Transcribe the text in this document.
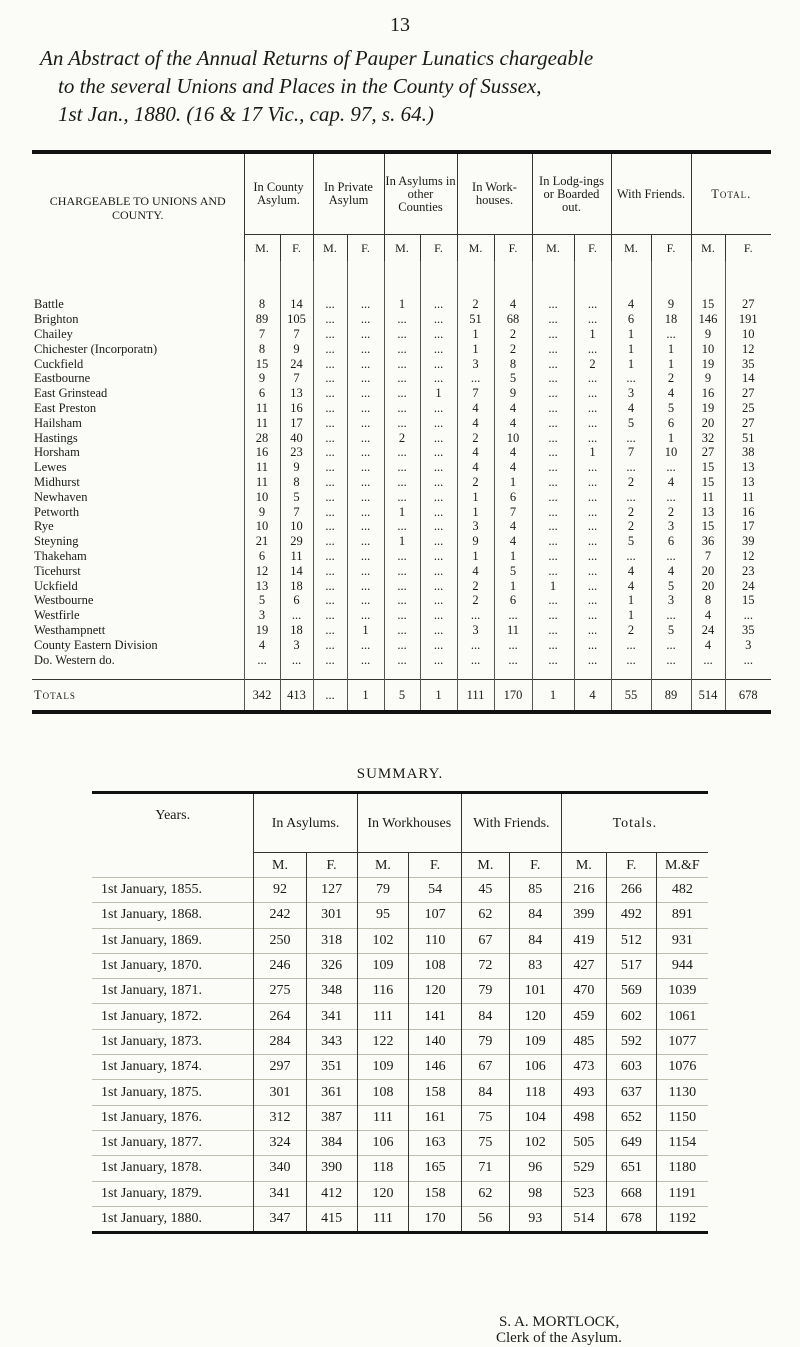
13
An Abstract of the Annual Returns of Pauper Lunatics chargeable
to the several Unions and Places in the County of Sussex,
1st Jan., 1880. (16 & 17 Vic., cap. 97, s. 64.)
CHARGEABLE TO UNIONS AND COUNTY.	In County Asylum.		In Private Asylum		In Asylums in other Counties		In Work-houses.		In Lodg-ings or Boarded out.		With Friends.		Total.	
	M.	F.	M.	F.	M.	F.	M.	F.	M.	F.	M.	F.	M.	F.

Battle	8	14	...	...	1	...	2	4	...	...	4	9	15	27
Brighton	89	105	...	...	...	...	51	68	...	...	6	18	146	191
Chailey	7	7	...	...	...	...	1	2	...	1	1	...	9	10
Chichester (Incorporatn)	8	9	...	...	...	...	1	2	...	...	1	1	10	12
Cuckfield	15	24	...	...	...	...	3	8	...	2	1	1	19	35
Eastbourne	9	7	...	...	...	...	...	5	...	...	...	2	9	14
East Grinstead	6	13	...	...	...	1	7	9	...	...	3	4	16	27
East Preston	11	16	...	...	...	...	4	4	...	...	4	5	19	25
Hailsham	11	17	...	...	...	...	4	4	...	...	5	6	20	27
Hastings	28	40	...	...	2	...	2	10	...	...	...	1	32	51
Horsham	16	23	...	...	...	...	4	4	...	1	7	10	27	38
Lewes	11	9	...	...	...	...	4	4	...	...	...	...	15	13
Midhurst	11	8	...	...	...	...	2	1	...	...	2	4	15	13
Newhaven	10	5	...	...	...	...	1	6	...	...	...	...	11	11
Petworth	9	7	...	...	1	...	1	7	...	...	2	2	13	16
Rye	10	10	...	...	...	...	3	4	...	...	2	3	15	17
Steyning	21	29	...	...	1	...	9	4	...	...	5	6	36	39
Thakeham	6	11	...	...	...	...	1	1	...	...	...	...	7	12
Ticehurst	12	14	...	...	...	...	4	5	...	...	4	4	20	23
Uckfield	13	18	...	...	...	...	2	1	1	...	4	5	20	24
Westbourne	5	6	...	...	...	...	2	6	...	...	1	3	8	15
Westfirle	3	...	...	...	...	...	...	...	...	...	1	...	4	...
Westhampnett	19	18	...	1	...	...	3	11	...	...	2	5	24	35
County Eastern Division	4	3	...	...	...	...	...	...	...	...	...	...	4	3
Do. Western do.	...	...	...	...	...	...	...	...	...	...	...	...	...	...

Totals	342	413	...	1	5	1	111	170	1	4	55	89	514	678
SUMMARY.
Years.	In Asylums.		In Workhouses		With Friends.		Totals.		
	M.	F.	M.	F.	M.	F.	M.	F.	M.&F
1st January, 1855.	92	127	79	54	45	85	216	266	482
1st January, 1868.	242	301	95	107	62	84	399	492	891
1st January, 1869.	250	318	102	110	67	84	419	512	931
1st January, 1870.	246	326	109	108	72	83	427	517	944
1st January, 1871.	275	348	116	120	79	101	470	569	1039
1st January, 1872.	264	341	111	141	84	120	459	602	1061
1st January, 1873.	284	343	122	140	79	109	485	592	1077
1st January, 1874.	297	351	109	146	67	106	473	603	1076
1st January, 1875.	301	361	108	158	84	118	493	637	1130
1st January, 1876.	312	387	111	161	75	104	498	652	1150
1st January, 1877.	324	384	106	163	75	102	505	649	1154
1st January, 1878.	340	390	118	165	71	96	529	651	1180
1st January, 1879.	341	412	120	158	62	98	523	668	1191
1st January, 1880.	347	415	111	170	56	93	514	678	1192
S. A. MORTLOCK,
Clerk of the Asylum.
